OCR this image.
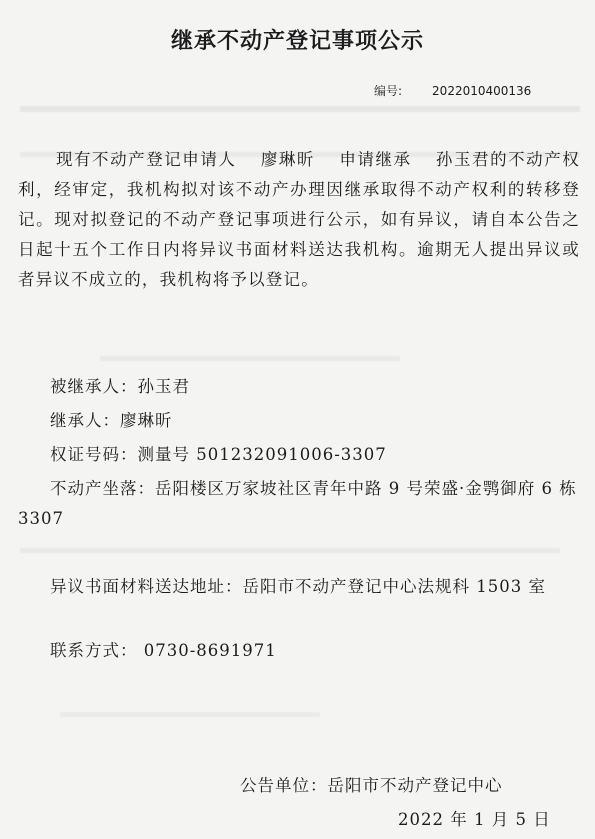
继承不动产登记事项公示
编号:	2022010400136

现有不动产登记申请人 廖琳昕 申请继承 孙玉君的不动产权利，经审定，我机构拟对该不动产办理因继承取得不动产权利的转移登记。现对拟登记的不动产登记事项进行公示，如有异议，请自本公告之日起十五个工作日内将异议书面材料送达我机构。逾期无人提出异议或者异议不成立的，我机构将予以登记。

被继承人：孙玉君
继承人：廖琳昕
权证号码：测量号 501232091006-3307
不动产坐落：岳阳楼区万家坡社区青年中路 9 号荣盛·金鹗御府 6 栋 3307
异议书面材料送达地址：岳阳市不动产登记中心法规科 1503 室
联系方式： 0730-8691971
公告单位：岳阳市不动产登记中心
2022 年 1 月 5 日
